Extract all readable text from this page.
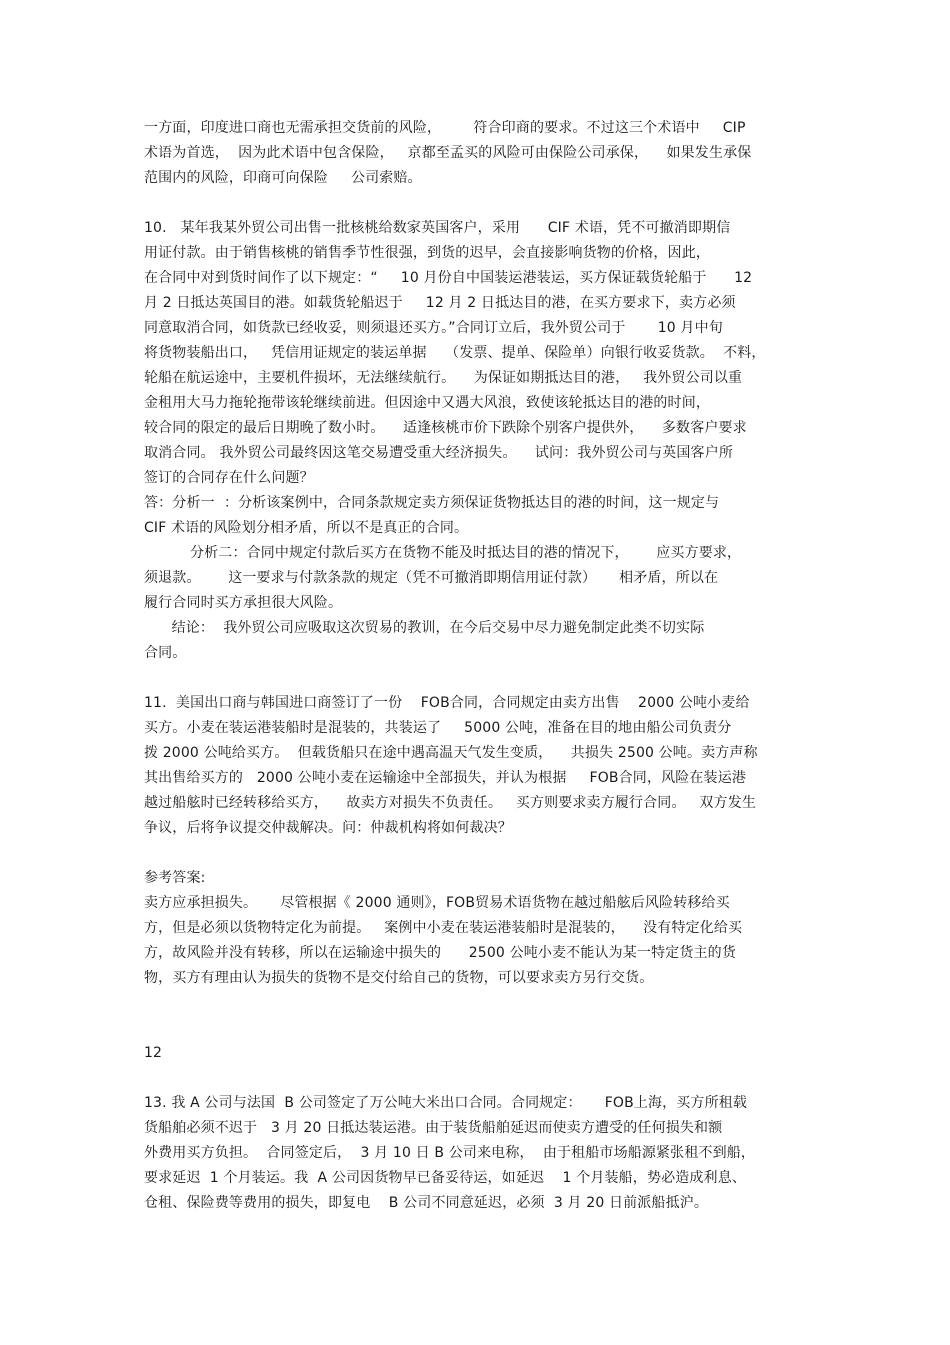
一方面，印度进口商也无需承担交货前的风险，       符合印商的要求。不过这三个术语中     CIP
术语为首选，  因为此术语中包含保险，   京都至孟买的风险可由保险公司承保，    如果发生承保
范围内的风险，印商可向保险     公司索赔。
10.   某年我某外贸公司出售一批核桃给数家英国客户，采用      CIF 术语，凭不可撤消即期信
用证付款。由于销售核桃的销售季节性很强，到货的迟早，会直接影响货物的价格，因此，
在合同中对到货时间作了以下规定：“     10 月份自中国装运港装运，买方保证载货轮船于      12
月 2 日抵达英国目的港。如载货轮船迟于     12 月 2 日抵达目的港，在买方要求下，卖方必须
同意取消合同，如货款已经收妥，则须退还买方。”合同订立后，我外贸公司于       10 月中旬
将货物装船出口，   凭信用证规定的装运单据    （发票、提单、保险单）向银行收妥货款。  不料，
轮船在航运途中，主要机件损坏，无法继续航行。    为保证如期抵达目的港，   我外贸公司以重
金租用大马力拖轮拖带该轮继续前进。但因途中又遇大风浪，致使该轮抵达目的港的时间，
较合同的限定的最后日期晚了数小时。    适逢核桃市价下跌除个别客户提供外，    多数客户要求
取消合同。 我外贸公司最终因这笔交易遭受重大经济损失。    试问：我外贸公司与英国客户所
签订的合同存在什么问题？
答：分析一  ：分析该案例中，合同条款规定卖方须保证货物抵达目的港的时间，这一规定与
CIF 术语的风险划分相矛盾，所以不是真正的合同。
分析二：合同中规定付款后买方在货物不能及时抵达目的港的情况下，      应买方要求，
须退款。      这一要求与付款条款的规定（凭不可撤消即期信用证付款）     相矛盾，所以在
履行合同时买方承担很大风险。
结论：  我外贸公司应吸取这次贸易的教训，在今后交易中尽力避免制定此类不切实际
合同。
11.  美国出口商与韩国进口商签订了一份    FOB合同，合同规定由卖方出售    2000 公吨小麦给
买方。小麦在装运港装船时是混装的，共装运了     5000 公吨，准备在目的地由船公司负责分
拨 2000 公吨给买方。  但载货船只在途中遇高温天气发生变质，    共损失 2500 公吨。卖方声称
其出售给买方的   2000 公吨小麦在运输途中全部损失，并认为根据     FOB合同，风险在装运港
越过船舷时已经转移给买方，    故卖方对损失不负责任。   买方则要求卖方履行合同。   双方发生
争议，后将争议提交仲裁解决。问：仲裁机构将如何裁决？
参考答案:
卖方应承担损失。     尽管根据《 2000 通则》，FOB贸易术语货物在越过船舷后风险转移给买
方，但是必须以货物特定化为前提。   案例中小麦在装运港装船时是混装的，    没有特定化给买
方，故风险并没有转移，所以在运输途中损失的      2500 公吨小麦不能认为某一特定货主的货
物，买方有理由认为损失的货物不是交付给自己的货物，可以要求卖方另行交货。
12
13. 我 A 公司与法国  B 公司签定了万公吨大米出口合同。合同规定：     FOB上海，买方所租载
货船舶必须不迟于   3 月 20 日抵达装运港。由于装货船舶延迟而使卖方遭受的任何损失和额
外费用买方负担。  合同签定后，  3 月 10 日 B 公司来电称，  由于租船市场船源紧张租不到船，
要求延迟  1 个月装运。我  A 公司因货物早已备妥待运，如延迟    1 个月装船，势必造成利息、
仓租、保险费等费用的损失，即复电    B 公司不同意延迟，必须  3 月 20 日前派船抵沪。
